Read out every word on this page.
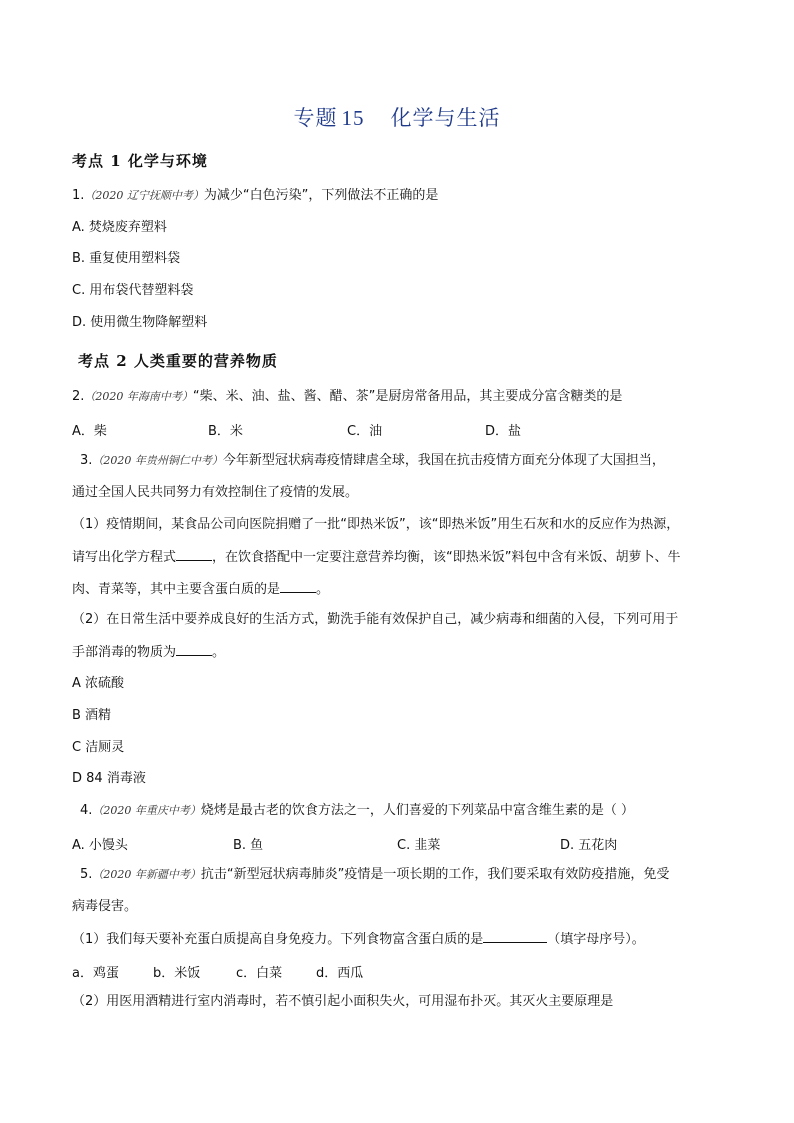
专题 15 化学与生活
考点 1 化学与环境
1.（2020 辽宁抚顺中考）为减少“白色污染”，下列做法不正确的是
A. 焚烧废弃塑料
B. 重复使用塑料袋
C. 用布袋代替塑料袋
D. 使用微生物降解塑料
考点 2 人类重要的营养物质
2.（2020 年海南中考）“柴、米、油、盐、酱、醋、茶”是厨房常备用品，其主要成分富含糖类的是
A．柴	B．米	C．油	D．盐
3.（2020 年贵州铜仁中考）今年新型冠状病毒疫情肆虐全球，我国在抗击疫情方面充分体现了大国担当，
通过全国人民共同努力有效控制住了疫情的发展。
（1）疫情期间，某食品公司向医院捐赠了一批“即热米饭”，该“即热米饭”用生石灰和水的反应作为热源，
请写出化学方程式	，在饮食搭配中一定要注意营养均衡，该“即热米饭”料包中含有米饭、胡萝卜、牛
肉、青菜等，其中主要含蛋白质的是	。
（2）在日常生活中要养成良好的生活方式，勤洗手能有效保护自己，减少病毒和细菌的入侵，下列可用于
手部消毒的物质为	。
A 浓硫酸
B 酒精
C 洁厕灵
D 84 消毒液
4.（2020 年重庆中考）烧烤是最古老的饮食方法之一，人们喜爱的下列菜品中富含维生素的是（ ）
A. 小馒头	B. 鱼	C. 韭菜	D. 五花肉
5.（2020 年新疆中考）抗击“新型冠状病毒肺炎”疫情是一项长期的工作，我们要采取有效防疫措施，免受
病毒侵害。
（1）我们每天要补充蛋白质提高自身免疫力。下列食物富含蛋白质的是	（填字母序号）。
a．鸡蛋	b．米饭	c．白菜	d．西瓜
（2）用医用酒精进行室内消毒时，若不慎引起小面积失火，可用湿布扑灭。其灭火主要原理是
